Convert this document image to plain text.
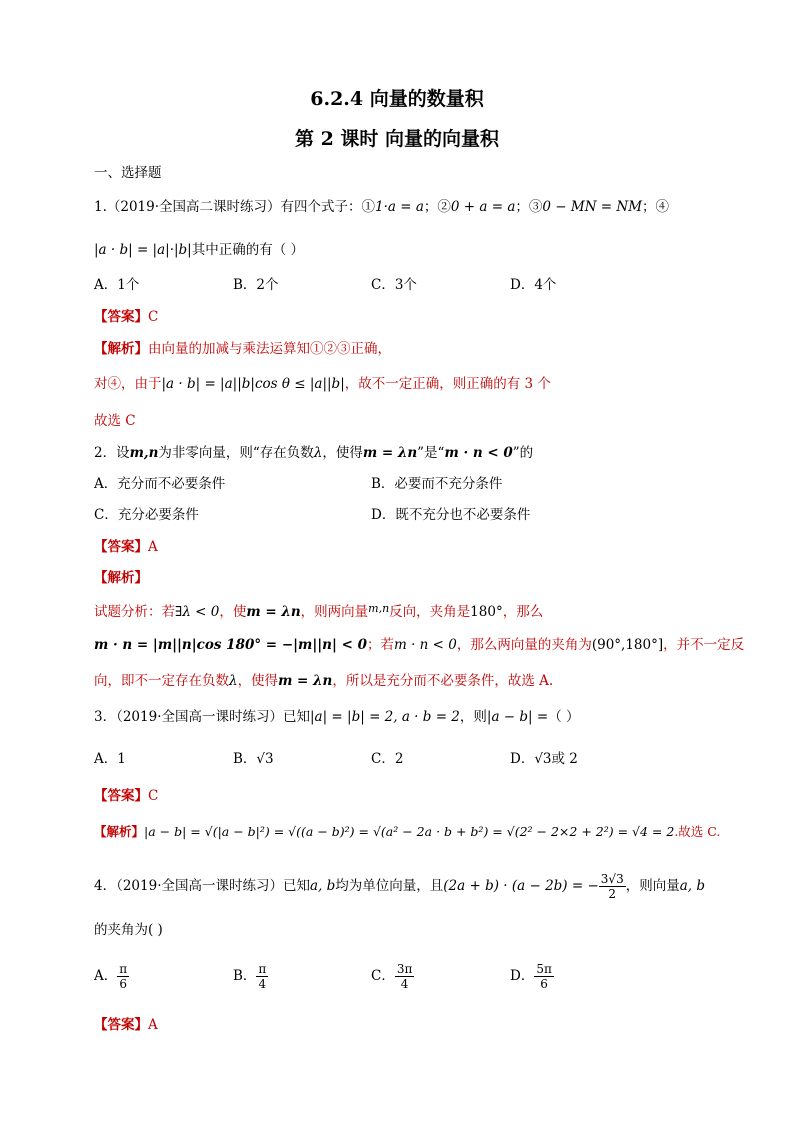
6.2.4 向量的数量积
第 2 课时 向量的向量积
一、选择题
1.（2019·全国高二课时练习）有四个式子：①1·a = a；②0 + a = a；③0 − MN = NM；④
|a · b| = |a|·|b|其中正确的有（ ）
A．1个	B．2个	C．3个	D．4个
【答案】C
【解析】由向量的加减与乘法运算知①②③正确，
对④，由于|a · b| = |a||b|cos θ ≤ |a||b|，故不一定正确，则正确的有 3 个
故选 C
2．设m,n为非零向量，则“存在负数λ，使得m = λn”是“m · n < 0”的
A．充分而不必要条件	B．必要而不充分条件
C．充分必要条件	D．既不充分也不必要条件
【答案】A
【解析】
试题分析：若∃λ < 0，使m = λn，则两向量$^{m,n}$反向，夹角是180°，那么
m · n = |m||n|cos 180° = −|m||n| < 0；若m · n < 0，那么两向量的夹角为(90°,180°]，并不一定反
向，即不一定存在负数λ，使得m = λn，所以是充分而不必要条件，故选 A.
3．（2019·全国高一课时练习）已知|a| = |b| = 2, a · b = 2，则|a − b| =（ ）
A．1	B．√3	C．2	D．√3或 2
【答案】C
【解析】|a − b| = √(|a − b|²) = √((a − b)²) = √(a² − 2a · b + b²) = √(2² − 2×2 + 2²) = √4 = 2.故选 C.
4．（2019·全国高一课时练习）已知a, b均为单位向量，且(2a + b) · (a − 2b) = − $\frac{3√3}{2}$ ，则向量a, b
的夹角为( )
A． $\frac{\pi}{6}$	B． $\frac{\pi}{4}$	C． $\frac{3\pi}{4}$	D． $\frac{5\pi}{6}$
【答案】A
